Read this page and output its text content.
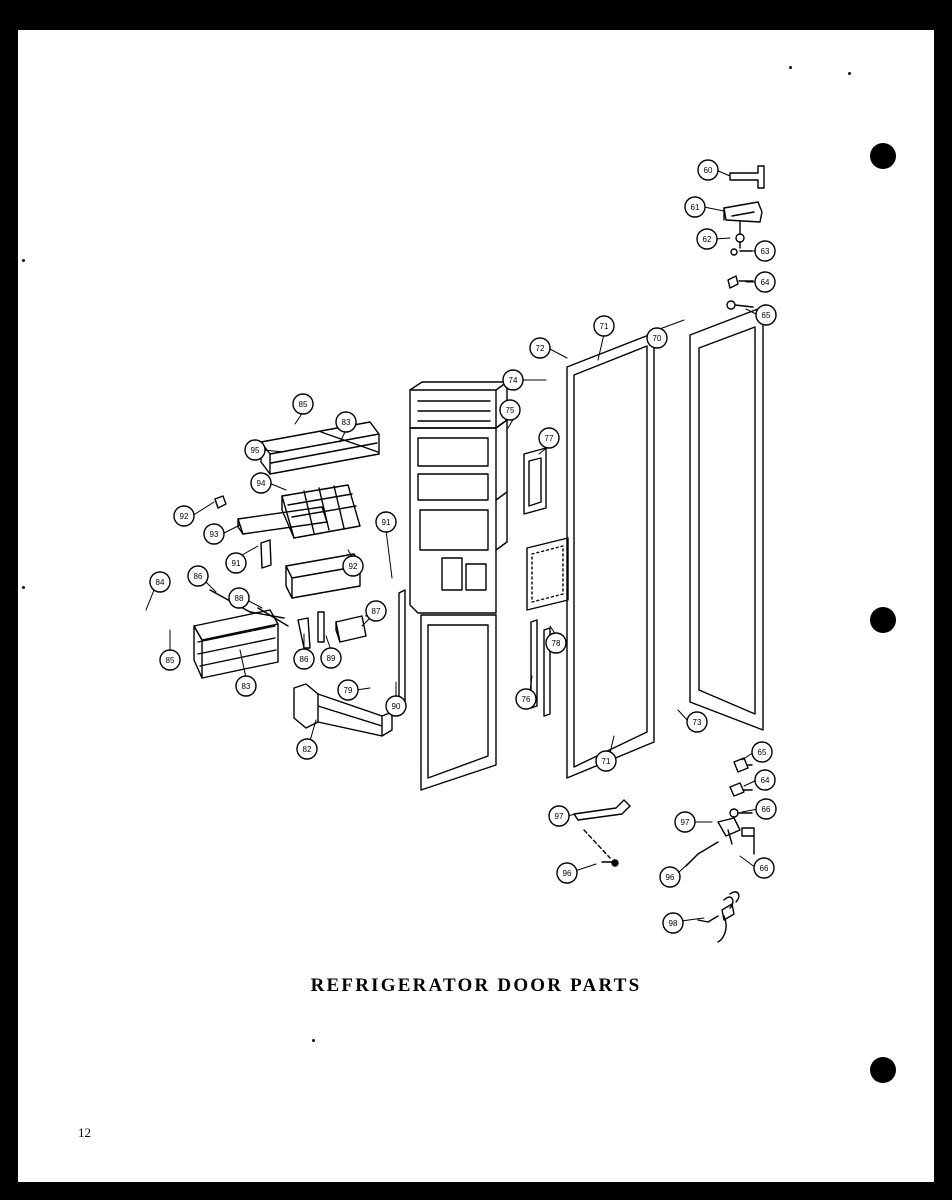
60
61
62
63
64
65
70
71
72
74
75
77
85
83
95
94
92
93
91
91
92
84
86
88
87
85
83
86 89
79
90
82
78
76
71
73
65
64
66
97
97
96
66
96
98
REFRIGERATOR DOOR PARTS
12
